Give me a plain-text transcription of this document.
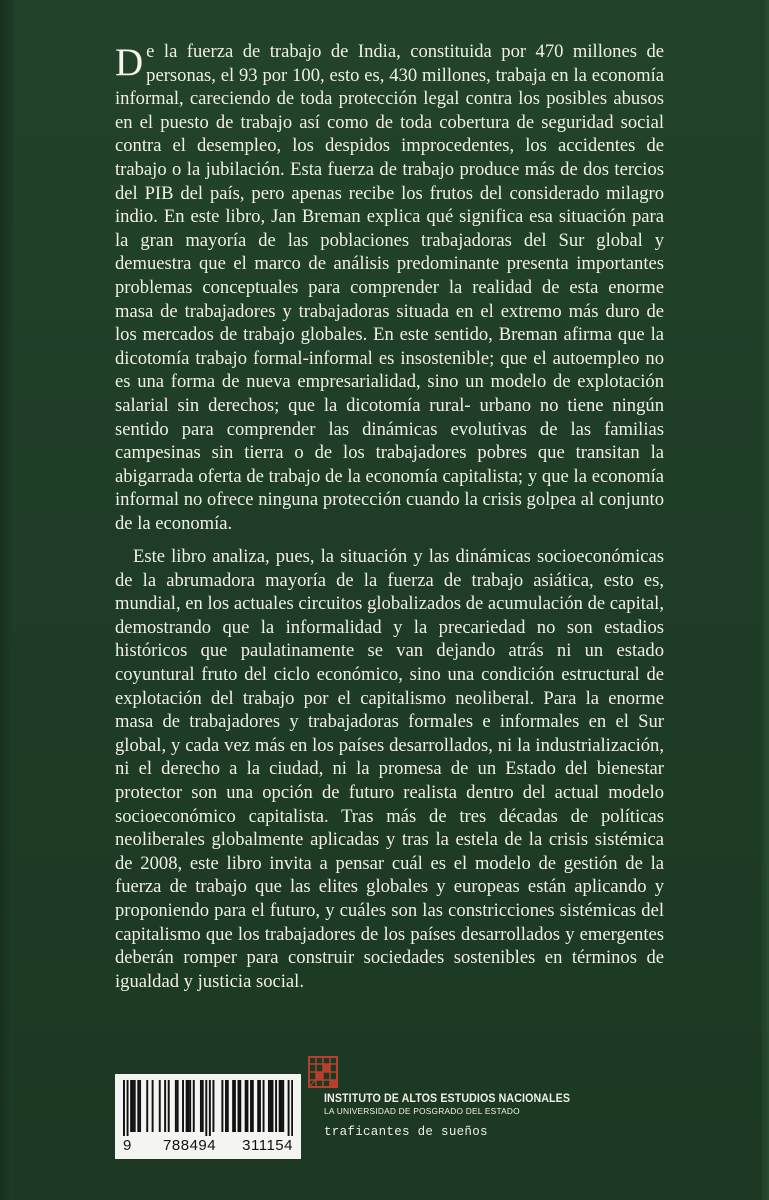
De la fuerza de trabajo de India, constituida por 470 millones de personas, el 93 por 100, esto es, 430 millones, trabaja en la economía informal, careciendo de toda protección legal contra los posibles abusos en el puesto de trabajo así como de toda cobertura de seguridad social contra el desempleo, los despidos improcedentes, los accidentes de trabajo o la jubilación. Esta fuerza de trabajo produce más de dos tercios del PIB del país, pero apenas recibe los frutos del considerado milagro indio. En este libro, Jan Breman explica qué significa esa situación para la gran mayoría de las poblaciones trabajadoras del Sur global y demuestra que el marco de análisis predominante presenta importantes problemas conceptuales para comprender la realidad de esta enorme masa de trabajadores y trabajadoras situada en el extremo más duro de los mercados de trabajo globales. En este sentido, Breman afirma que la dicotomía trabajo formal-informal es insostenible; que el autoempleo no es una forma de nueva empresarialidad, sino un modelo de explotación salarial sin derechos; que la dicotomía rural- urbano no tiene ningún sentido para comprender las dinámicas evolutivas de las familias campesinas sin tierra o de los trabajadores pobres que transitan la abigarrada oferta de trabajo de la economía capitalista; y que la economía informal no ofrece ninguna protección cuando la crisis golpea al conjunto de la economía.

Este libro analiza, pues, la situación y las dinámicas socioeconómicas de la abrumadora mayoría de la fuerza de trabajo asiática, esto es, mundial, en los actuales circuitos globalizados de acumulación de capital, demostrando que la informalidad y la precariedad no son estadios históricos que paulatinamente se van dejando atrás ni un estado coyuntural fruto del ciclo económico, sino una condición estructural de explotación del trabajo por el capitalismo neoliberal. Para la enorme masa de trabajadores y trabajadoras formales e informales en el Sur global, y cada vez más en los países desarrollados, ni la industrialización, ni el derecho a la ciudad, ni la promesa de un Estado del bienestar protector son una opción de futuro realista dentro del actual modelo socioeconómico capitalista. Tras más de tres décadas de políticas neoliberales globalmente aplicadas y tras la estela de la crisis sistémica de 2008, este libro invita a pensar cuál es el modelo de gestión de la fuerza de trabajo que las elites globales y europeas están aplicando y proponiendo para el futuro, y cuáles son las constricciones sistémicas del capitalismo que los trabajadores de los países desarrollados y emergentes deberán romper para construir sociedades sostenibles en términos de igualdad y justicia social.

9	788494 311154
INSTITUTO DE ALTOS ESTUDIOS NACIONALES
LA UNIVERSIDAD DE POSGRADO DEL ESTADO
traficantes de sueños
